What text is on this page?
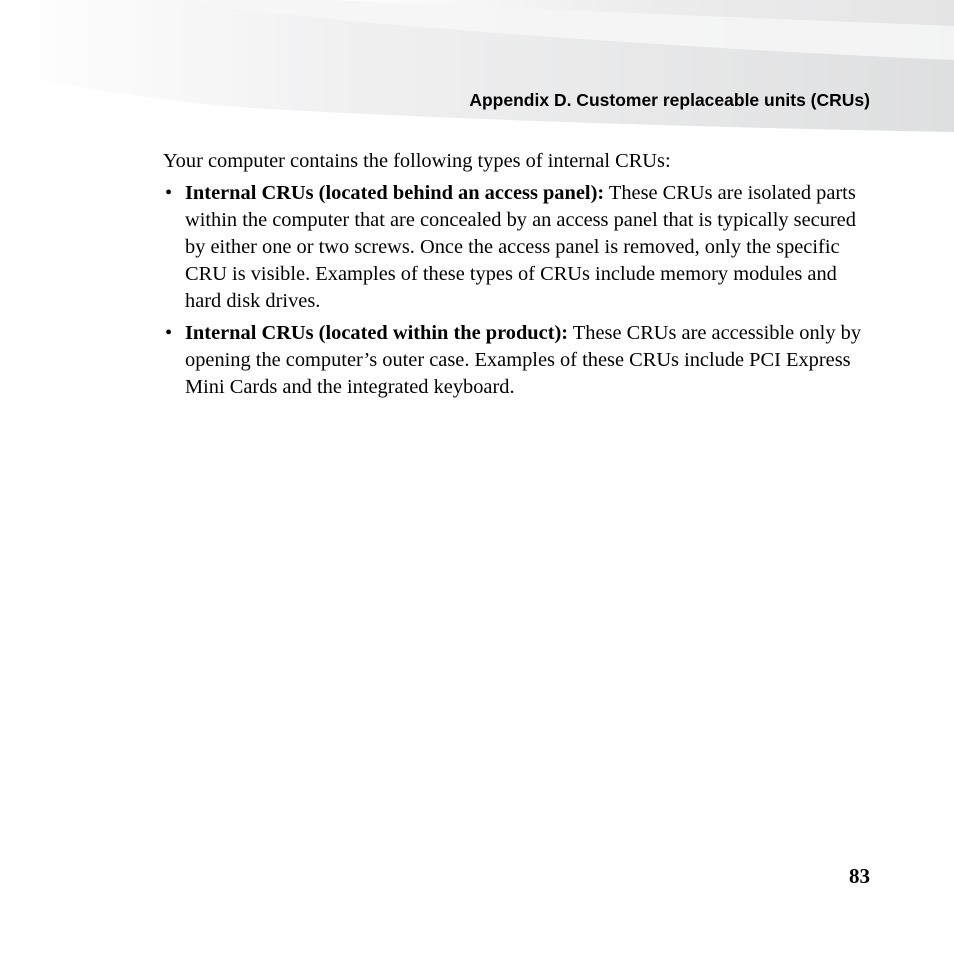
Appendix D. Customer replaceable units (CRUs)

Your computer contains the following types of internal CRUs:

• Internal CRUs (located behind an access panel): These CRUs are isolated parts within the computer that are concealed by an access panel that is typically secured by either one or two screws. Once the access panel is removed, only the specific CRU is visible. Examples of these types of CRUs include memory modules and hard disk drives.
• Internal CRUs (located within the product): These CRUs are accessible only by opening the computer’s outer case. Examples of these CRUs include PCI Express Mini Cards and the integrated keyboard.
83
